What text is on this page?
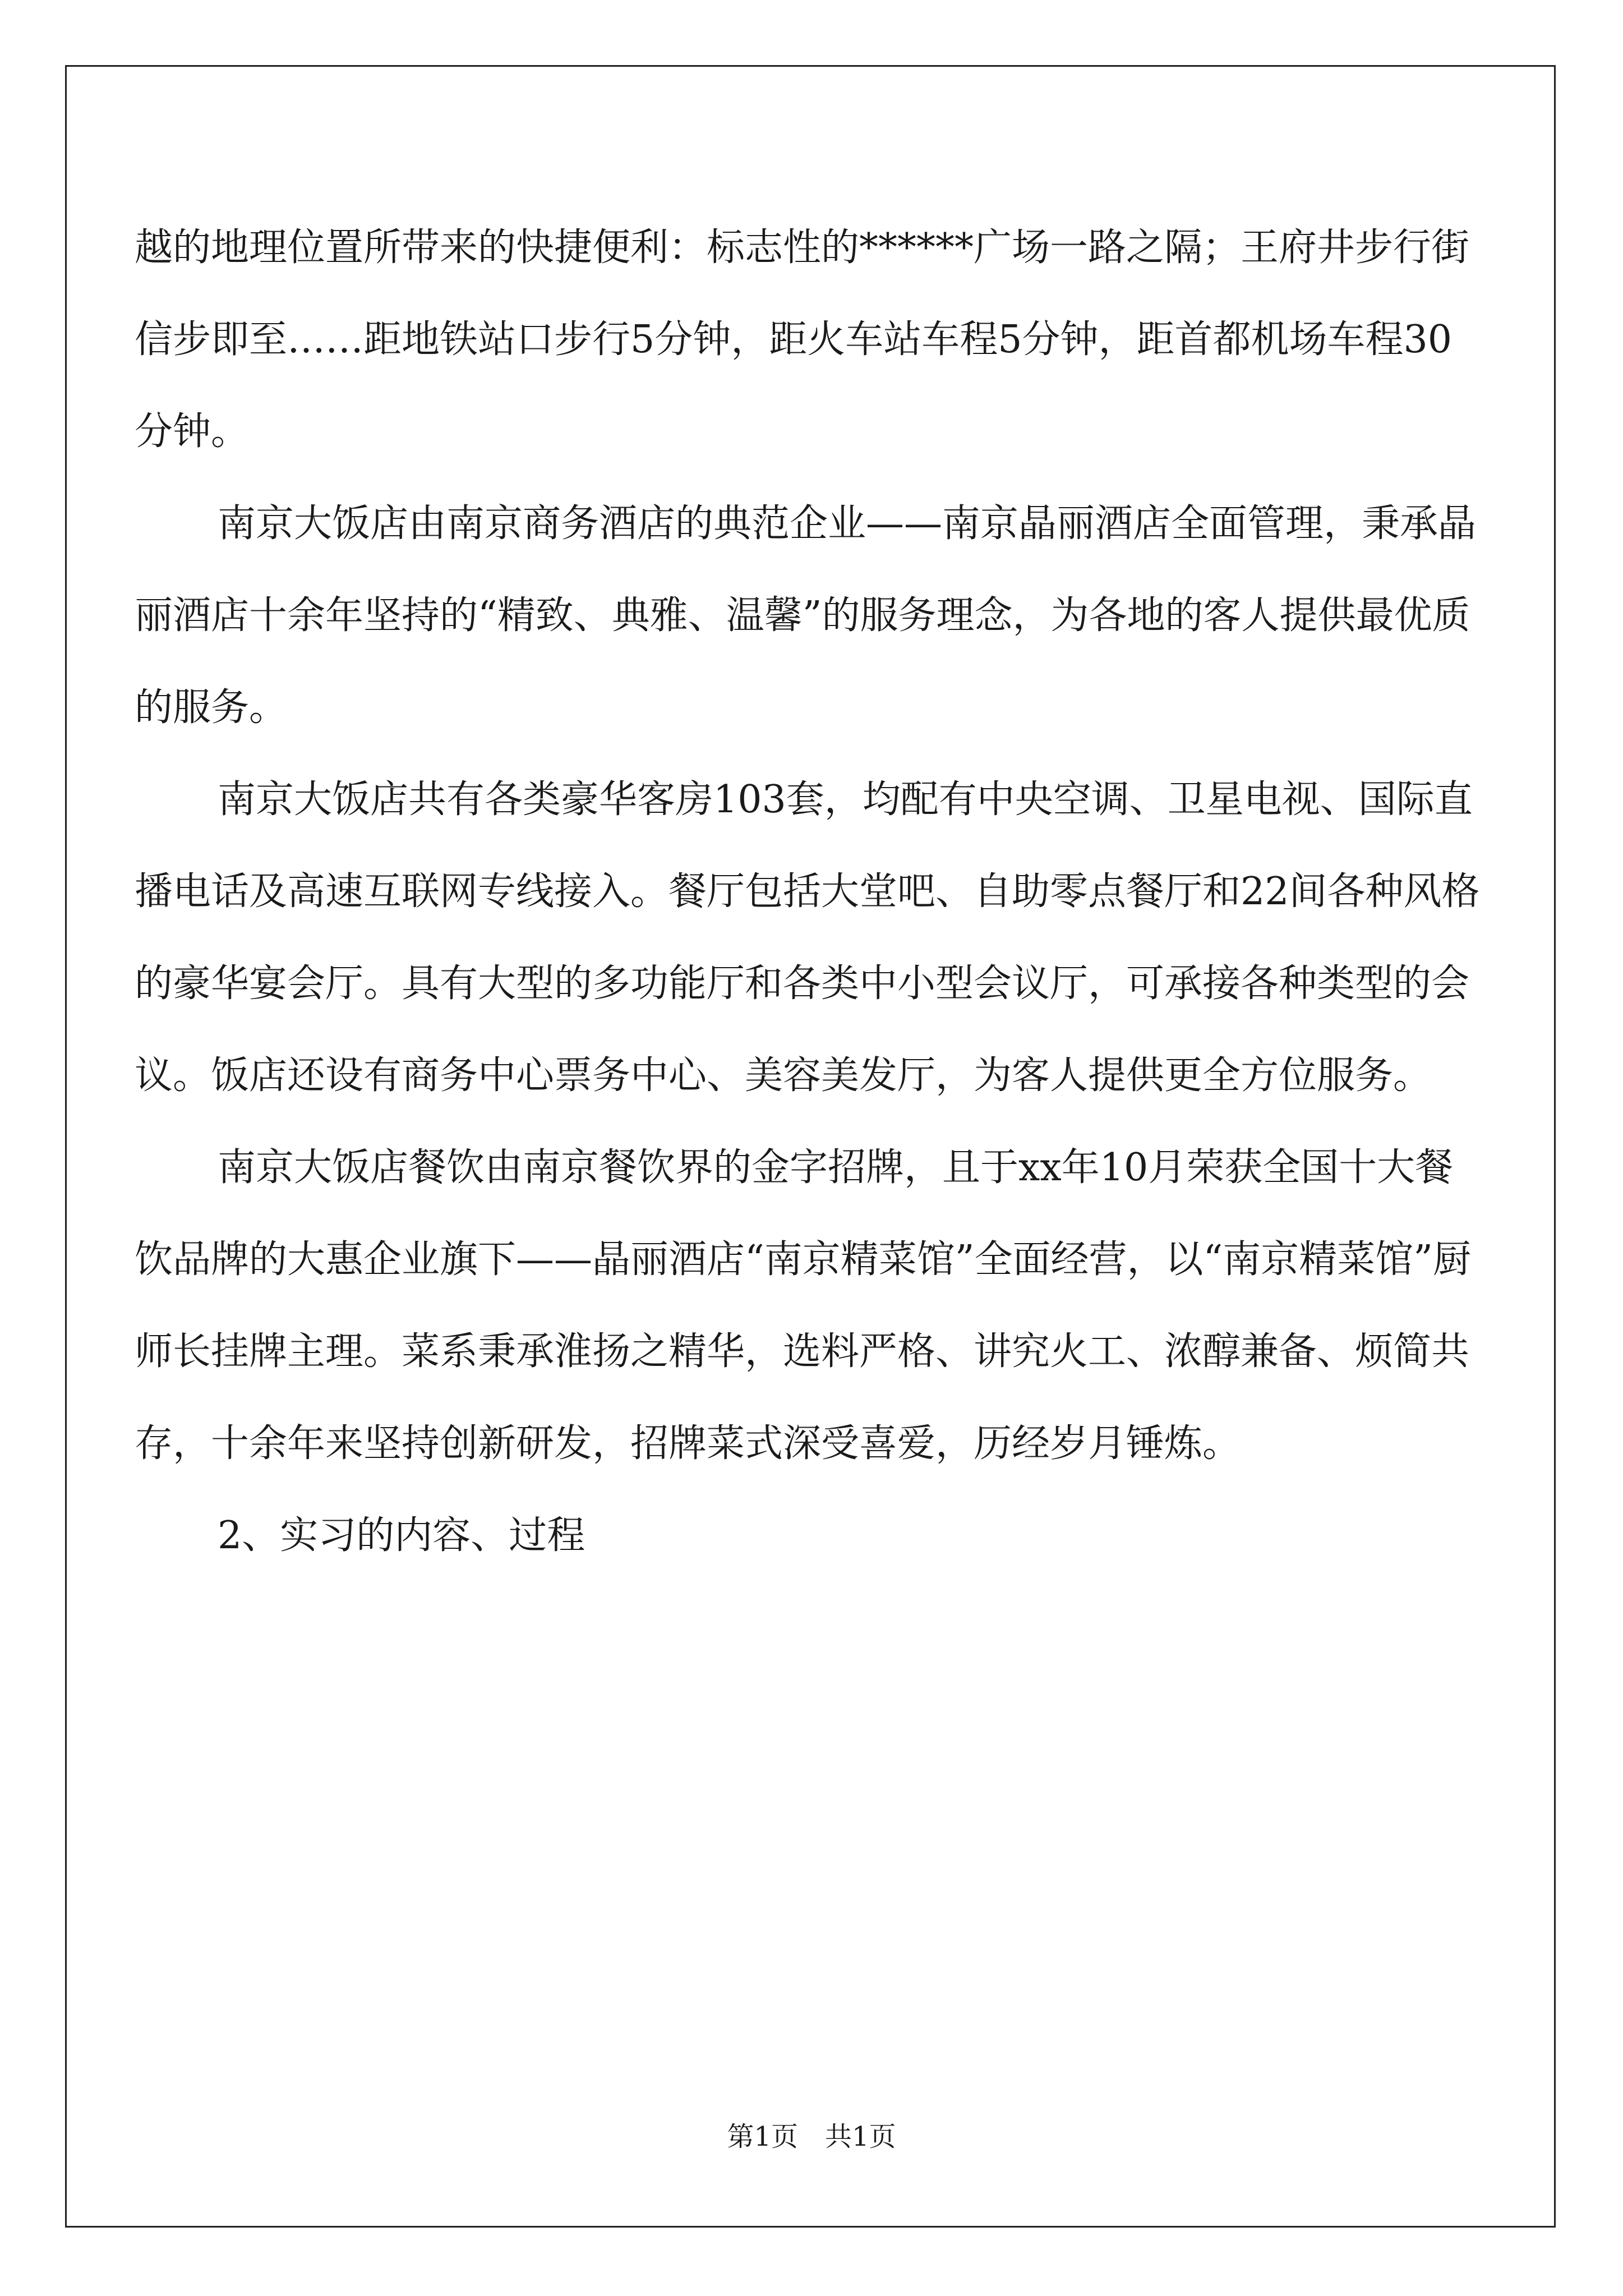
越的地理位置所带来的快捷便利：标志性的******广场一路之隔；王府井步行街信步即至……距地铁站口步行5分钟，距火车站车程5分钟，距首都机场车程30分钟。

南京大饭店由南京商务酒店的典范企业——南京晶丽酒店全面管理，秉承晶丽酒店十余年坚持的“精致、典雅、温馨”的服务理念，为各地的客人提供最优质的服务。

南京大饭店共有各类豪华客房103套，均配有中央空调、卫星电视、国际直播电话及高速互联网专线接入。餐厅包括大堂吧、自助零点餐厅和22间各种风格的豪华宴会厅。具有大型的多功能厅和各类中小型会议厅，可承接各种类型的会议。饭店还设有商务中心票务中心、美容美发厅，为客人提供更全方位服务。

南京大饭店餐饮由南京餐饮界的金字招牌，且于xx年10月荣获全国十大餐饮品牌的大惠企业旗下——晶丽酒店“南京精菜馆”全面经营，以“南京精菜馆”厨师长挂牌主理。菜系秉承淮扬之精华，选料严格、讲究火工、浓醇兼备、烦简共存，十余年来坚持创新研发，招牌菜式深受喜爱，历经岁月锤炼。

2、实习的内容、过程

第1页　共1页
